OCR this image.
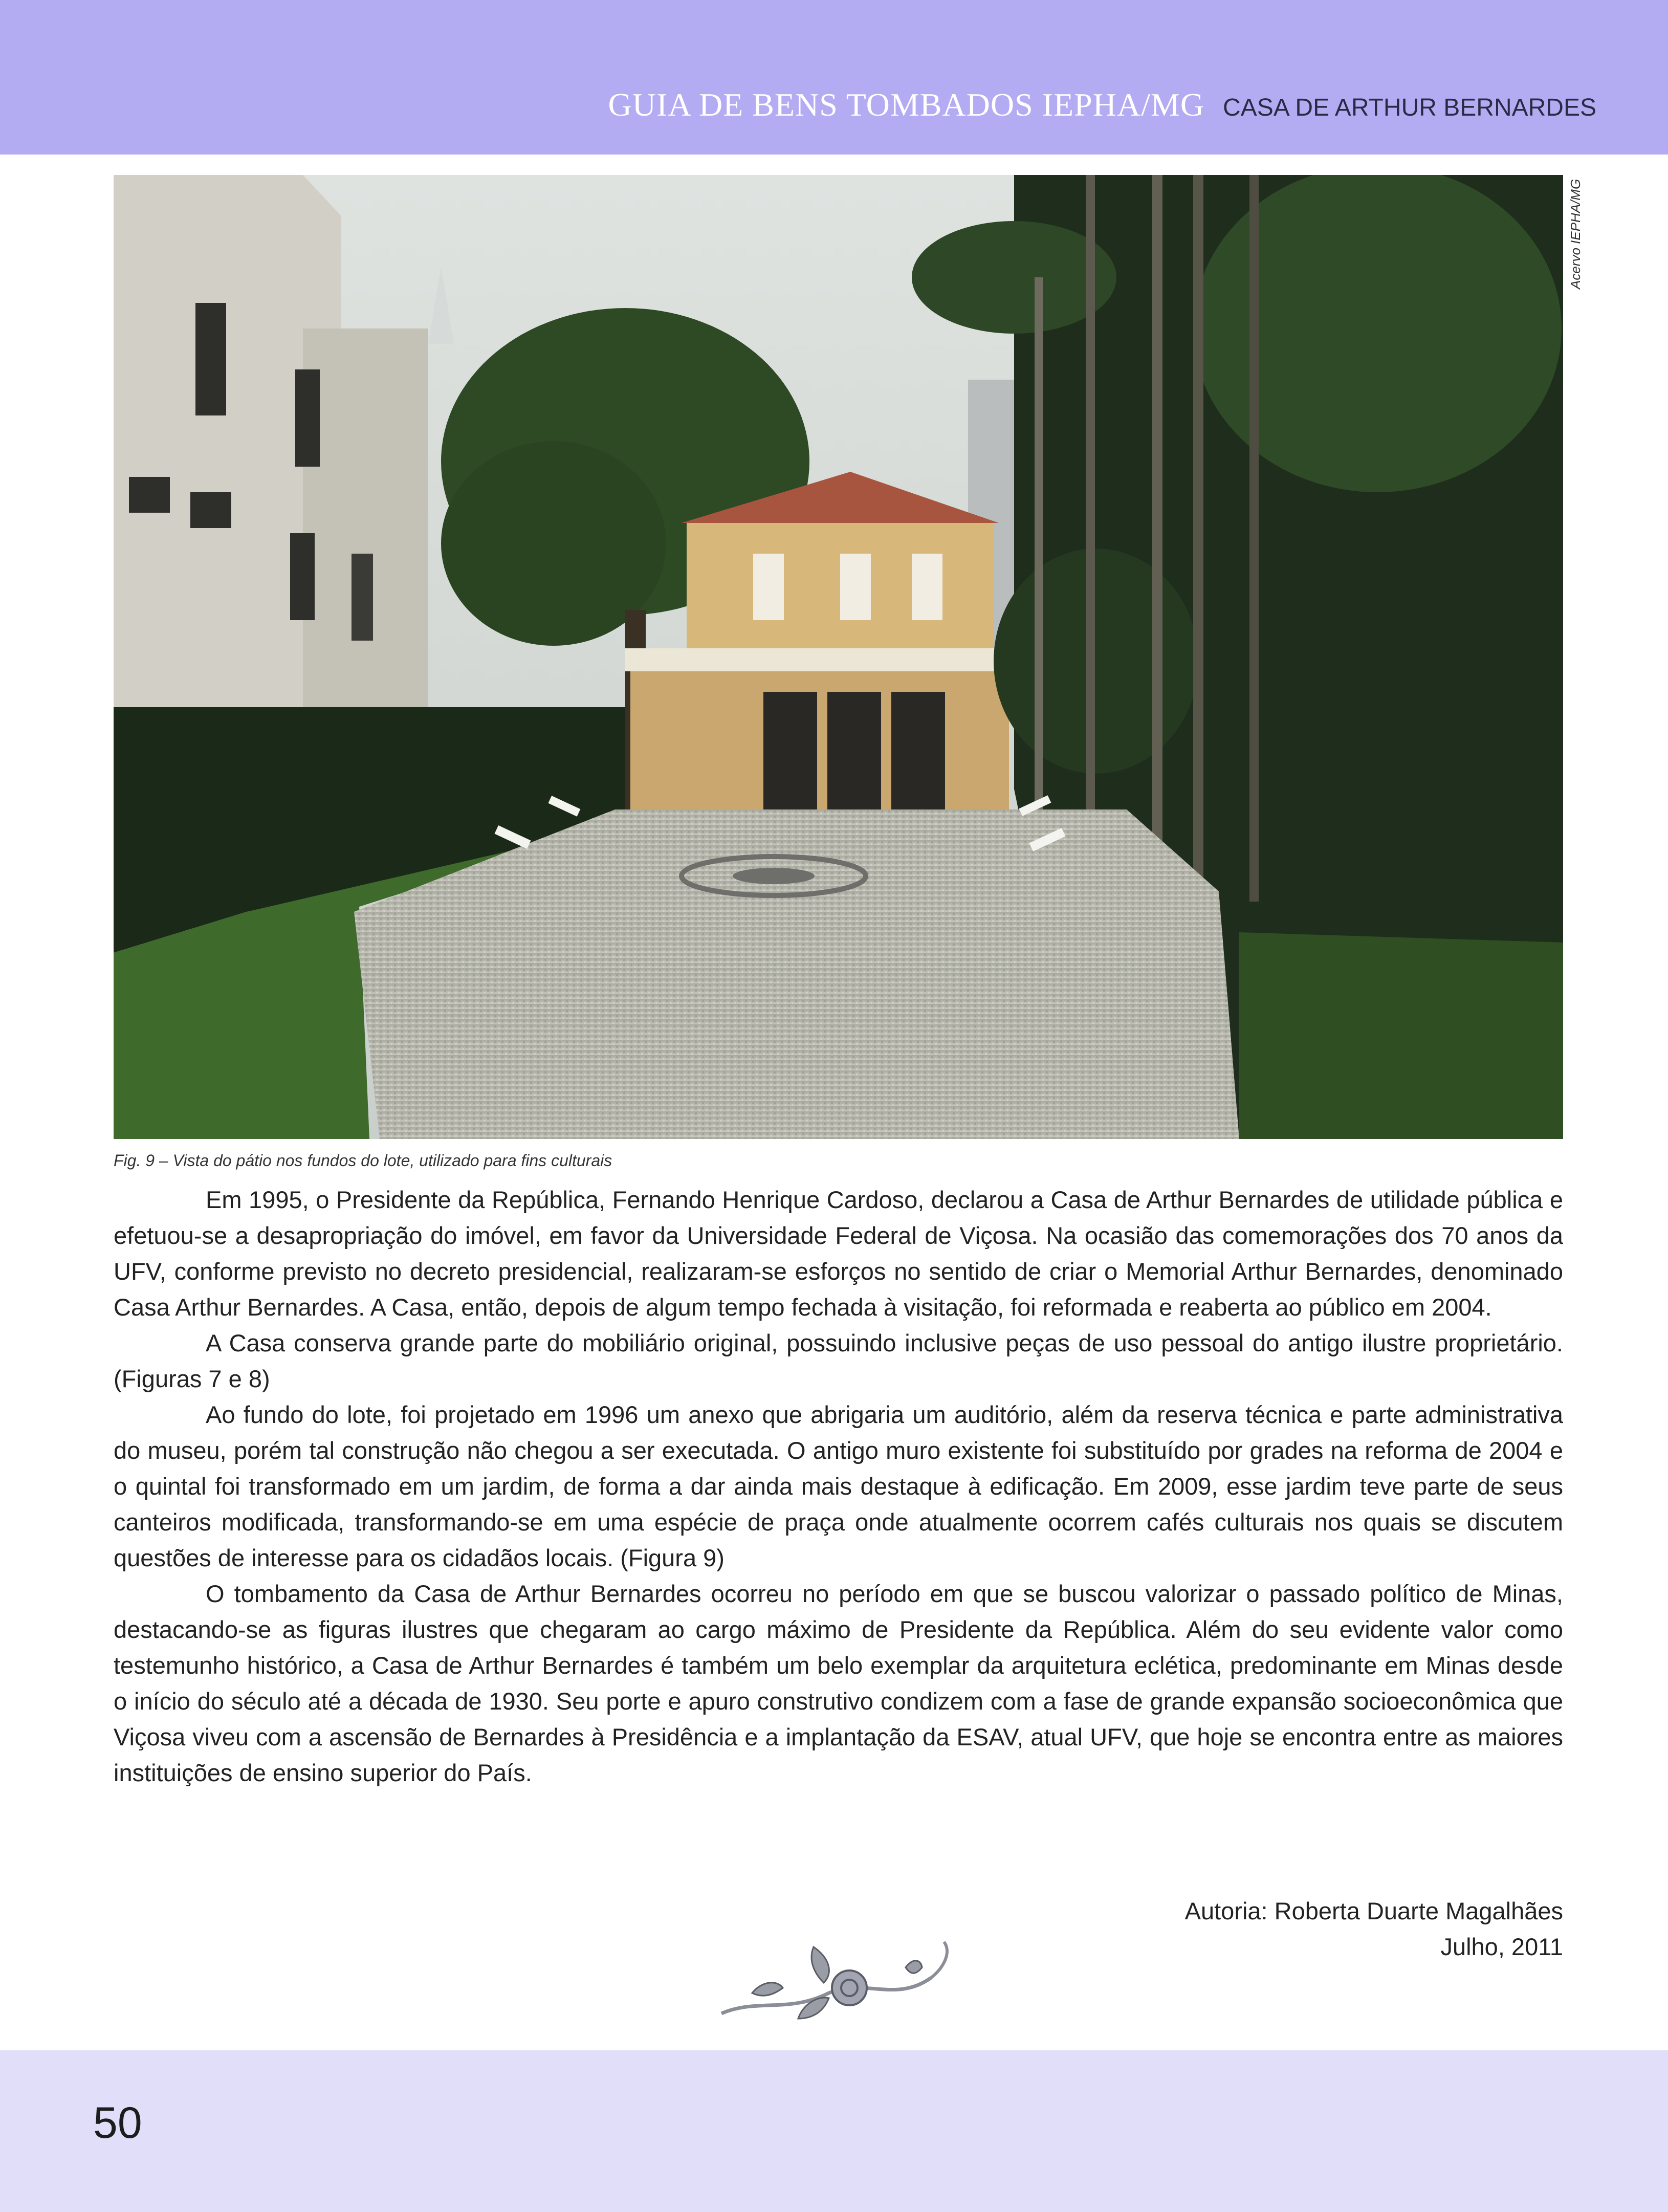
GUIA DE BENS TOMBADOS IEPHA/MG CASA DE ARTHUR BERNARDES
Acervo IEPHA/MG
Fig. 9 – Vista do pátio nos fundos do lote, utilizado para fins culturais

Em 1995, o Presidente da República, Fernando Henrique Cardoso, declarou a Casa de Arthur Bernardes de utilidade pública e efetuou-se a desapropriação do imóvel, em favor da Universidade Federal de Viçosa. Na ocasião das comemorações dos 70 anos da UFV, conforme previsto no decreto presidencial, realizaram-se esforços no sentido de criar o Memorial Arthur Bernardes, denominado Casa Arthur Bernardes. A Casa, então, depois de algum tempo fechada à visitação, foi reformada e reaberta ao público em 2004.

A Casa conserva grande parte do mobiliário original, possuindo inclusive peças de uso pessoal do antigo ilustre proprietário. (Figuras 7 e 8)

Ao fundo do lote, foi projetado em 1996 um anexo que abrigaria um auditório, além da reserva técnica e parte administrativa do museu, porém tal construção não chegou a ser executada. O antigo muro existente foi substituído por grades na reforma de 2004 e o quintal foi transformado em um jardim, de forma a dar ainda mais destaque à edificação. Em 2009, esse jardim teve parte de seus canteiros modificada, transformando-se em uma espécie de praça onde atualmente ocorrem cafés culturais nos quais se discutem questões de interesse para os cidadãos locais. (Figura 9)

O tombamento da Casa de Arthur Bernardes ocorreu no período em que se buscou valorizar o passado político de Minas, destacando-se as figuras ilustres que chegaram ao cargo máximo de Presidente da República. Além do seu evidente valor como testemunho histórico, a Casa de Arthur Bernardes é também um belo exemplar da arquitetura eclética, predominante em Minas desde o início do século até a década de 1930. Seu porte e apuro construtivo condizem com a fase de grande expansão socioeconômica que Viçosa viveu com a ascensão de Bernardes à Presidência e a implantação da ESAV, atual UFV, que hoje se encontra entre as maiores instituições de ensino superior do País.

Autoria: Roberta Duarte Magalhães
Julho, 2011
50
